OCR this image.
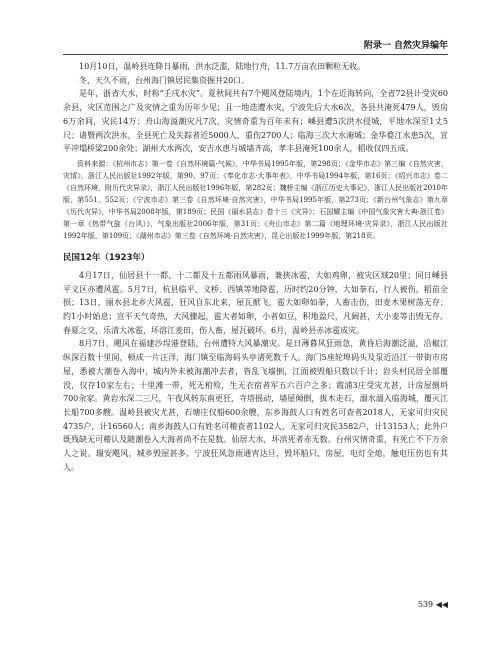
附录一 自然灾异编年

10月10日，温岭县连降日暴雨，洪水泛滥，陆地行舟，11.7万亩农田颗粒无收。

冬，天久不雨，台州海门镇居民集资掘井20口。

是年，浙省大水，时称“壬戌水灾”。夏秋间共有7个飓风登陆境内，1个在近海转向，全省72县计受灾60余县，灾区范围之广及灾情之重为历年少见；且一地迭遭水灾，宁波先后大水6次，各县共淹死479人，毁房6万余间，灾民14万；舟山海溢潮灾凡7次，灾情奇重为百年未有；嵊县遭5次洪水侵城，平地水深至1丈5尺；诸暨两次洪水，全县死亡及失踪者近5000人，重伤2700人；临海三次大水淹城；金华婺江水患5次，宣平冲塌桥梁200余处；湖州大水两次，安吉水患与城墙齐高，孝丰县淹死100余人，稻收仅四五成。

资料来源：《杭州市志》第一卷《自然环境篇·气候》，中华书局1995年版，第298页；《金华市志》第三编《自然灾害，灾情》，浙江人民出版社1992年版，第90、97页；《奉化市志·大事年表》，中华书局1994年版，第16页；《绍兴市志》卷二《自然环境，附历代灾异录》，浙江人民出版社1996年版，第282页；魏桥主编《浙江历史大事记》，浙江人民出版社2010年版，第551、552页；《宁波市志》第三卷《自然环境·自然灾害》，中华书局1995年版，第273页；《新台州气象志》第九章《历代灾异》，中华书局2008年版，第189页；民国《丽水县志》卷十三《灾异》；石国耀主编《中国气象灾害大典·浙江卷》第一章《热带气旋（台风）》，气象出版社2006年版，第31页；《舟山市志》第二篇《地理环境·灾异录》，浙江人民出版社1992年版，第109页；《湖州市志》第三卷《自然环境·自然灾害》，昆仑出版社1999年版，第218页。

民国12年（1923年）

4月17日，仙居县十一都、十二都及十五都雨风暴雨，兼挟冰雹，大如鸡卵，被灾区域20里；同日嵊县平义区亦遭风雹。5月7日，杭县临平、义桥、西镇等地降雹，历时约20分钟，大如拳石，行人被伤，稻苗全损；13日，丽水县北乡大风雹，狂风自东北来，屋瓦掀飞，雹大如卵如拳，人畜击伤，田麦木果树荡无存；约1小时始息；宣平天气奇热，大风骤起，雹大者如卵，小者如豆，积地盈尺，凡阔甚，大小麦等击毁无存。春夏之交，乐清大冰雹，坏溶江麦田，伤人畜，屋瓦破坏。6月，温岭县赤冰雹成灾。

8月7日，飓风在福建沙埕港登陆，台州遭特大风暴潮灾。是日薄暮风狂雨急，黄昏后海潮泛溢，沿椒江纵深百数十里间，顿成一片汪洋，海门镇至临海码头亭渚死数千人。海门5座轮埠码头及泵近沿江一带街市房屋，悉被大潮卷入海中，城内外未被海潮冲去者，皆乱飞墙倒，江面被毁船只数以千计；岩头村民居全部覆没，仅存10家左右；十里滩一带，死无棺殓，生无衣宿者军五六百户之多；霞浦3庄受灾尤甚，计房屋倒坍700余家。黄岩水深二三尺，午夜风转东南更狂，寺塔摇动，墙屋倾倒，拔木走石，溺水溺入临海城，覆灭江长船700多艘。温岭县被灾尤甚，石塘庄仅船600余艘，东乡海鼓人口有姓名可查者2018人，无家可归灾民4735户，计16560人；南乡海鼓人口有姓名可稽查者1102人，无家可归灾民3582户，计13153人；此外户既残缺无可稽认及随潮卷入大海者尚不在是数。仙居大水，坏滨死者赤无数。台州灾情奇重，有死亡不下万余人之说。瑞安飓风，城乡毁屋甚多。宁波狂风急雨通宵达旦，毁坏船只、房屋，电灯全熄，触电压伤也有其人。

539 ◀◀
